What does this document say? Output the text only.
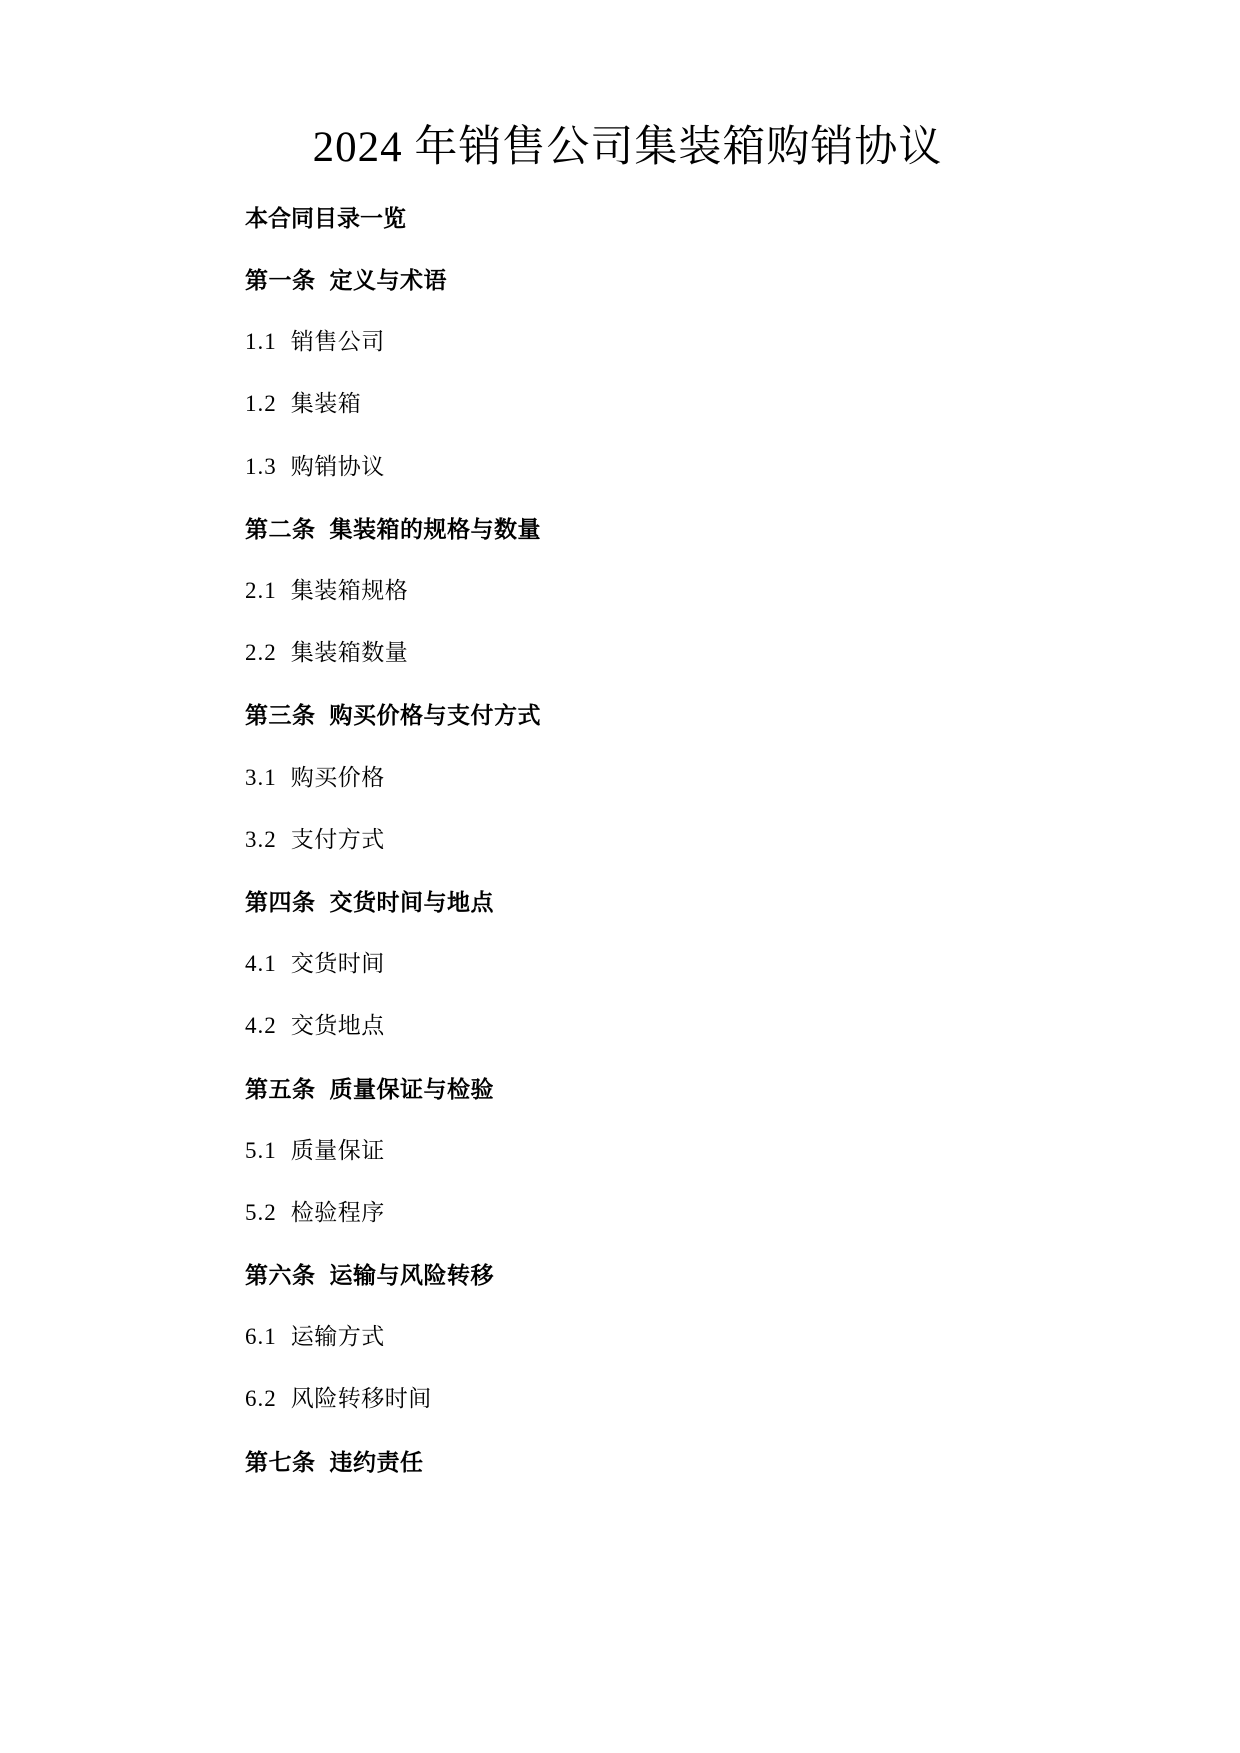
2024 年销售公司集装箱购销协议
本合同目录一览
第一条 定义与术语
1.1 销售公司
1.2 集装箱
1.3 购销协议
第二条 集装箱的规格与数量
2.1 集装箱规格
2.2 集装箱数量
第三条 购买价格与支付方式
3.1 购买价格
3.2 支付方式
第四条 交货时间与地点
4.1 交货时间
4.2 交货地点
第五条 质量保证与检验
5.1 质量保证
5.2 检验程序
第六条 运输与风险转移
6.1 运输方式
6.2 风险转移时间
第七条 违约责任
